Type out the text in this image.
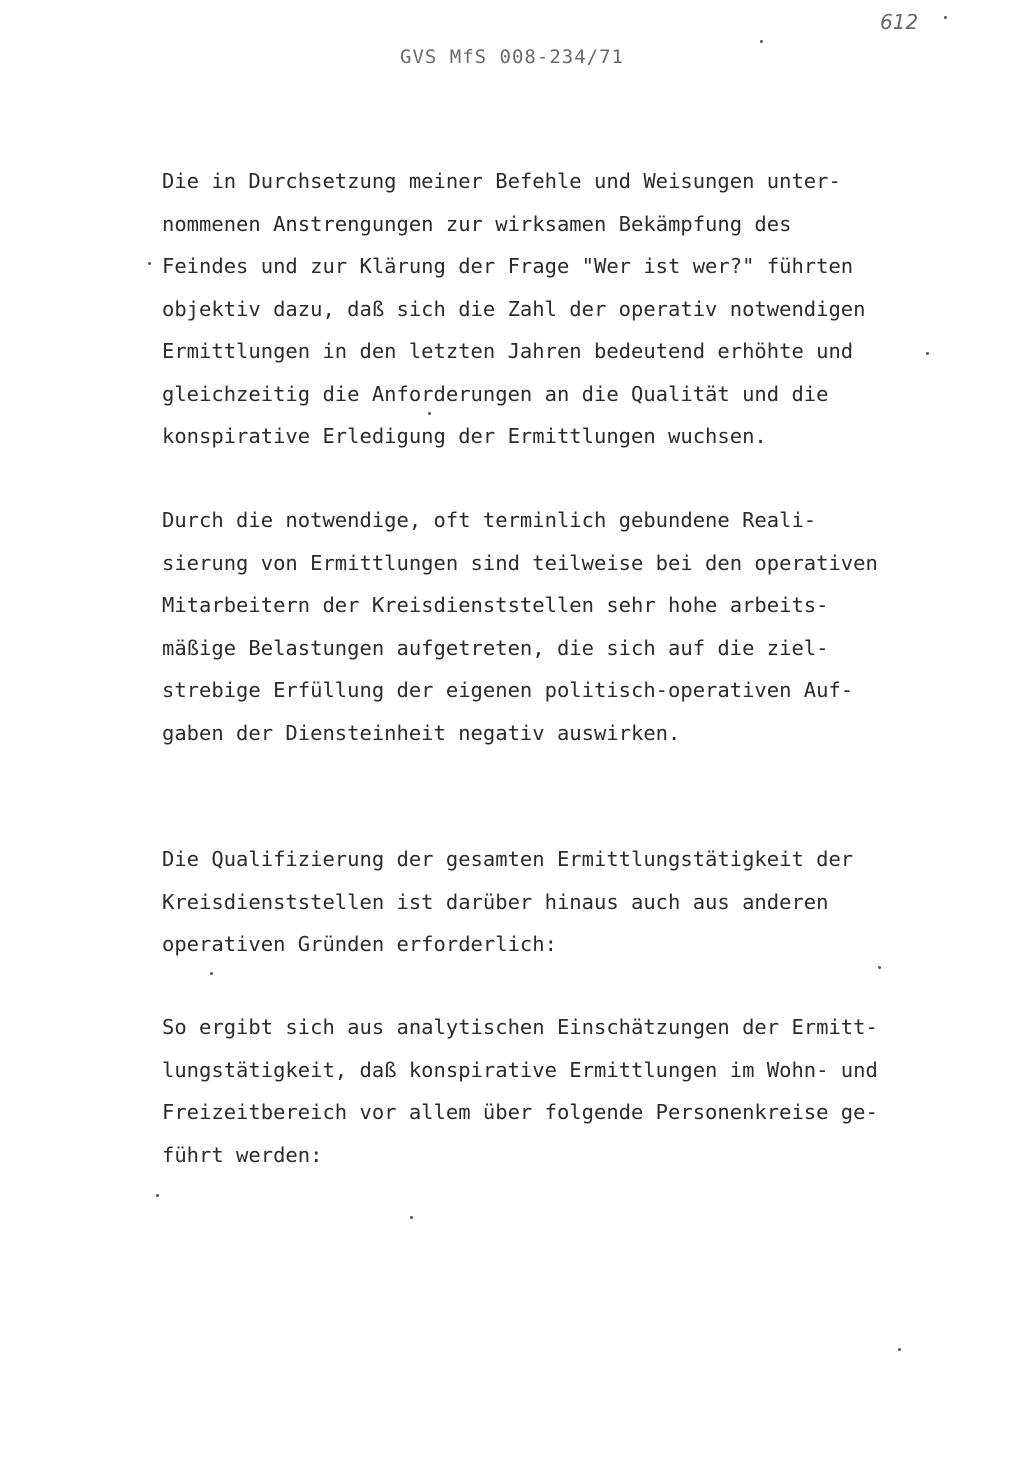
612
GVS MfS 008-234/71
Die in Durchsetzung meiner Befehle und Weisungen unter-
nommenen Anstrengungen zur wirksamen Bekämpfung des
Feindes und zur Klärung der Frage "Wer ist wer?" führten
objektiv dazu, daß sich die Zahl der operativ notwendigen
Ermittlungen in den letzten Jahren bedeutend erhöhte und
gleichzeitig die Anforderungen an die Qualität und die
konspirative Erledigung der Ermittlungen wuchsen.
Durch die notwendige, oft terminlich gebundene Reali-
sierung von Ermittlungen sind teilweise bei den operativen
Mitarbeitern der Kreisdienststellen sehr hohe arbeits-
mäßige Belastungen aufgetreten, die sich auf die ziel-
strebige Erfüllung der eigenen politisch-operativen Auf-
gaben der Diensteinheit negativ auswirken.
Die Qualifizierung der gesamten Ermittlungstätigkeit der
Kreisdienststellen ist darüber hinaus auch aus anderen
operativen Gründen erforderlich:
So ergibt sich aus analytischen Einschätzungen der Ermitt-
lungstätigkeit, daß konspirative Ermittlungen im Wohn- und
Freizeitbereich vor allem über folgende Personenkreise ge-
führt werden:
